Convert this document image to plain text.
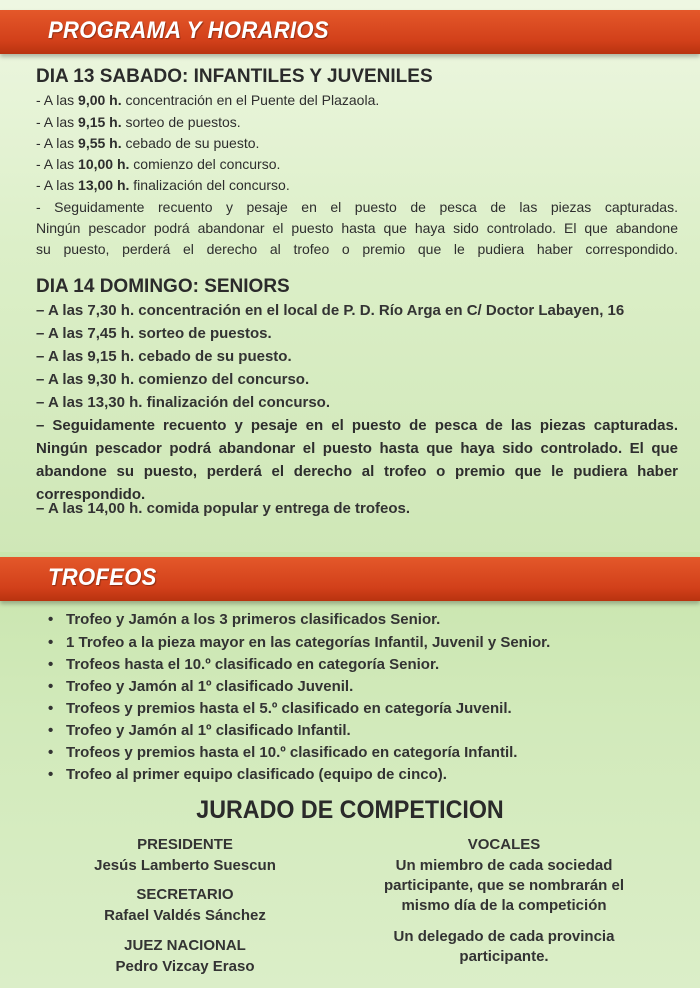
PROGRAMA Y HORARIOS
DIA 13 SABADO: INFANTILES Y JUVENILES
- A las 9,00 h. concentración en el Puente del Plazaola.
- A las 9,15 h. sorteo de puestos.
- A las 9,55 h. cebado de su puesto.
- A las 10,00 h. comienzo del concurso.
- A las 13,00 h. finalización del concurso.
- Seguidamente recuento y pesaje en el puesto de pesca de las piezas capturadas.
Ningún pescador podrá abandonar el puesto hasta que haya sido controlado. El que abandone
su puesto, perderá el derecho al trofeo o premio que le pudiera haber correspondido.
DIA 14 DOMINGO: SENIORS
– A las 7,30 h. concentración en el local de P. D. Río Arga en C/ Doctor Labayen, 16
– A las 7,45 h. sorteo de puestos.
– A las 9,15 h. cebado de su puesto.
– A las 9,30 h. comienzo del concurso.
– A las 13,30 h. finalización del concurso.
– Seguidamente recuento y pesaje en el puesto de pesca de las piezas capturadas.
Ningún pescador podrá abandonar el puesto hasta que haya sido controlado. El que
abandone su puesto, perderá el derecho al trofeo o premio que le pudiera haber
correspondido.
– A las 14,00 h. comida popular y entrega de trofeos.
TROFEOS
• Trofeo y Jamón a los 3 primeros clasificados Senior.
• 1 Trofeo a la pieza mayor en las categorías Infantil, Juvenil y Senior.
• Trofeos hasta el 10.º clasificado en categoría Senior.
• Trofeo y Jamón al 1º clasificado Juvenil.
• Trofeos y premios hasta el 5.º clasificado en categoría Juvenil.
• Trofeo y Jamón al 1º clasificado Infantil.
• Trofeos y premios hasta el 10.º clasificado en categoría Infantil.
• Trofeo al primer equipo clasificado (equipo de cinco).
JURADO DE COMPETICION
PRESIDENTE
Jesús Lamberto Suescun
SECRETARIO
Rafael Valdés Sánchez
JUEZ NACIONAL
Pedro Vizcay Eraso
VOCALES
Un miembro de cada sociedad
participante, que se nombrarán el
mismo día de la competición
Un delegado de cada provincia
participante.
